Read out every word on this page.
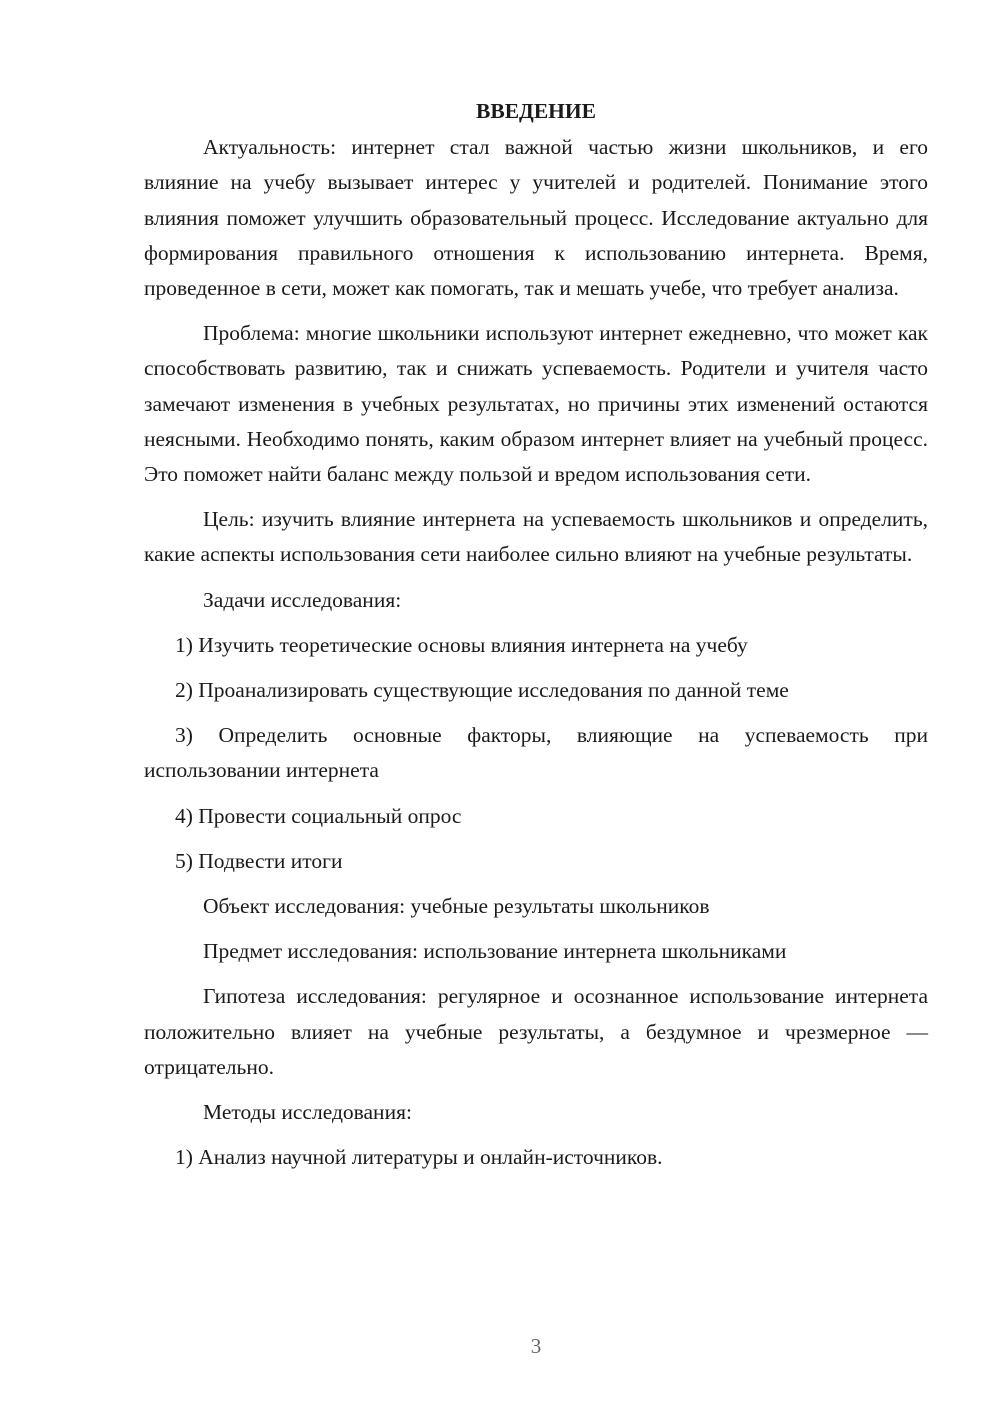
ВВЕДЕНИЕ

Актуальность: интернет стал важной частью жизни школьников, и его влияние на учебу вызывает интерес у учителей и родителей. Понимание этого влияния поможет улучшить образовательный процесс. Исследование актуально для формирования правильного отношения к использованию интернета. Время, проведенное в сети, может как помогать, так и мешать учебе, что требует анализа.

Проблема: многие школьники используют интернет ежедневно, что может как способствовать развитию, так и снижать успеваемость. Родители и учителя часто замечают изменения в учебных результатах, но причины этих изменений остаются неясными. Необходимо понять, каким образом интернет влияет на учебный процесс. Это поможет найти баланс между пользой и вредом использования сети.

Цель: изучить влияние интернета на успеваемость школьников и определить, какие аспекты использования сети наиболее сильно влияют на учебные результаты.

Задачи исследования:

1) Изучить теоретические основы влияния интернета на учебу

2) Проанализировать существующие исследования по данной теме

3) Определить основные факторы, влияющие на успеваемость при использовании интернета

4) Провести социальный опрос

5) Подвести итоги

Объект исследования: учебные результаты школьников

Предмет исследования: использование интернета школьниками

Гипотеза исследования: регулярное и осознанное использование интернета положительно влияет на учебные результаты, а бездумное и чрезмерное — отрицательно.

Методы исследования:

1) Анализ научной литературы и онлайн-источников.

3
